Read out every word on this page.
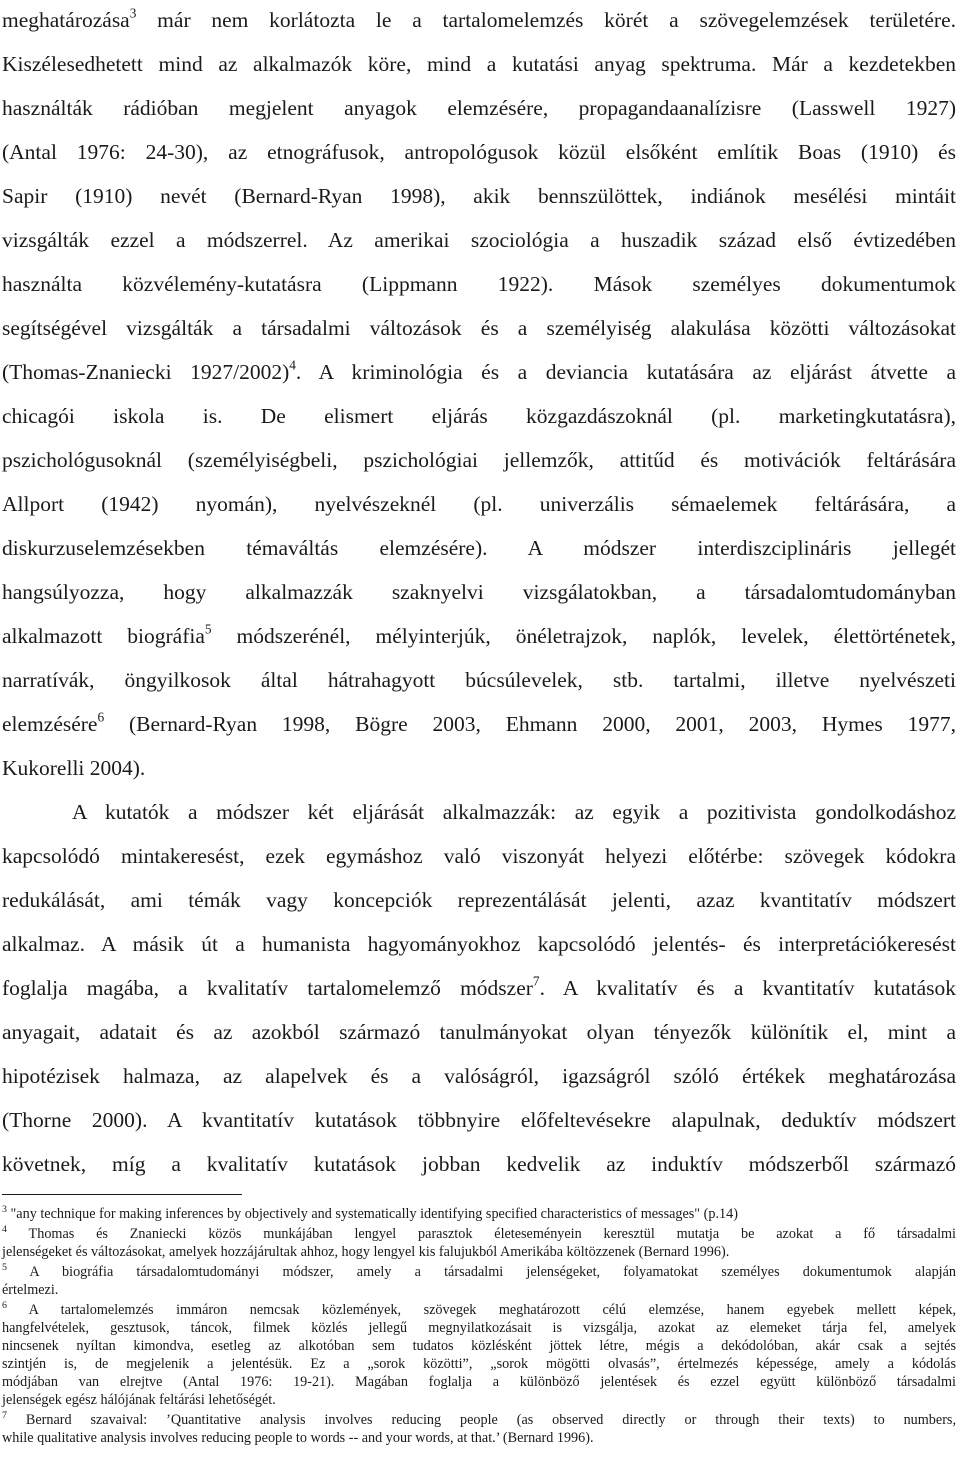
meghatározása$^3$ már nem korlátozta le a tartalomelemzés körét a szövegelemzések területére.
Kiszélesedhetett mind az alkalmazók köre, mind a kutatási anyag spektruma. Már a kezdetekben
használták rádióban megjelent anyagok elemzésére, propagandaanalízisre (Lasswell 1927)
(Antal 1976: 24-30), az etnográfusok, antropológusok közül elsőként említik Boas (1910) és
Sapir (1910) nevét (Bernard-Ryan 1998), akik bennszülöttek, indiánok mesélési mintáit
vizsgálták ezzel a módszerrel. Az amerikai szociológia a huszadik század első évtizedében
használta közvélemény-kutatásra (Lippmann 1922). Mások személyes dokumentumok
segítségével vizsgálták a társadalmi változások és a személyiség alakulása közötti változásokat
(Thomas-Znaniecki 1927/2002)$^4$. A kriminológia és a deviancia kutatására az eljárást átvette a
chicagói iskola is. De elismert eljárás közgazdászoknál (pl. marketingkutatásra),
pszichológusoknál (személyiségbeli, pszichológiai jellemzők, attitűd és motivációk feltárására
Allport (1942) nyomán), nyelvészeknél (pl. univerzális sémaelemek feltárására, a
diskurzuselemzésekben témaváltás elemzésére). A módszer interdiszciplináris jellegét
hangsúlyozza, hogy alkalmazzák szaknyelvi vizsgálatokban, a társadalomtudományban
alkalmazott biográfia$^5$ módszerénél, mélyinterjúk, önéletrajzok, naplók, levelek, élettörténetek,
narratívák, öngyilkosok által hátrahagyott búcsúlevelek, stb. tartalmi, illetve nyelvészeti
elemzésére$^6$ (Bernard-Ryan 1998, Bögre 2003, Ehmann 2000, 2001, 2003, Hymes 1977,
Kukorelli 2004).
A kutatók a módszer két eljárását alkalmazzák: az egyik a pozitivista gondolkodáshoz
kapcsolódó mintakeresést, ezek egymáshoz való viszonyát helyezi előtérbe: szövegek kódokra
redukálását, ami témák vagy koncepciók reprezentálását jelenti, azaz kvantitatív módszert
alkalmaz. A másik út a humanista hagyományokhoz kapcsolódó jelentés- és interpretációkeresést
foglalja magába, a kvalitatív tartalomelemző módszer$^7$. A kvalitatív és a kvantitatív kutatások
anyagait, adatait és az azokból származó tanulmányokat olyan tényezők különítik el, mint a
hipotézisek halmaza, az alapelvek és a valóságról, igazságról szóló értékek meghatározása
(Thorne 2000). A kvantitatív kutatások többnyire előfeltevésekre alapulnak, deduktív módszert
követnek, míg a kvalitatív kutatások jobban kedvelik az induktív módszerből származó
$^3$ "any technique for making inferences by objectively and systematically identifying specified characteristics of messages" (p.14)
$^4$ Thomas és Znaniecki közös munkájában lengyel parasztok életeseményein keresztül mutatja be azokat a fő társadalmi
jelenségeket és változásokat, amelyek hozzájárultak ahhoz, hogy lengyel kis falujukból Amerikába költözzenek (Bernard 1996).
$^5$ A biográfia társadalomtudományi módszer, amely a társadalmi jelenségeket, folyamatokat személyes dokumentumok alapján
értelmezi.
$^6$ A tartalomelemzés immáron nemcsak közlemények, szövegek meghatározott célú elemzése, hanem egyebek mellett képek,
hangfelvételek, gesztusok, táncok, filmek közlés jellegű megnyilatkozásait is vizsgálja, azokat az elemeket tárja fel, amelyek
nincsenek nyíltan kimondva, esetleg az alkotóban sem tudatos közlésként jöttek létre, mégis a dekódolóban, akár csak a sejtés
szintjén is, de megjelenik a jelentésük. Ez a „sorok közötti”, „sorok mögötti olvasás”, értelmezés képessége, amely a kódolás
módjában van elrejtve (Antal 1976: 19-21). Magában foglalja a különböző jelentések és ezzel együtt különböző társadalmi
jelenségek egész hálójának feltárási lehetőségét.
$^7$ Bernard szavaival: ’Quantitative analysis involves reducing people (as observed directly or through their texts) to numbers,
while qualitative analysis involves reducing people to words -- and your words, at that.’ (Bernard 1996).
